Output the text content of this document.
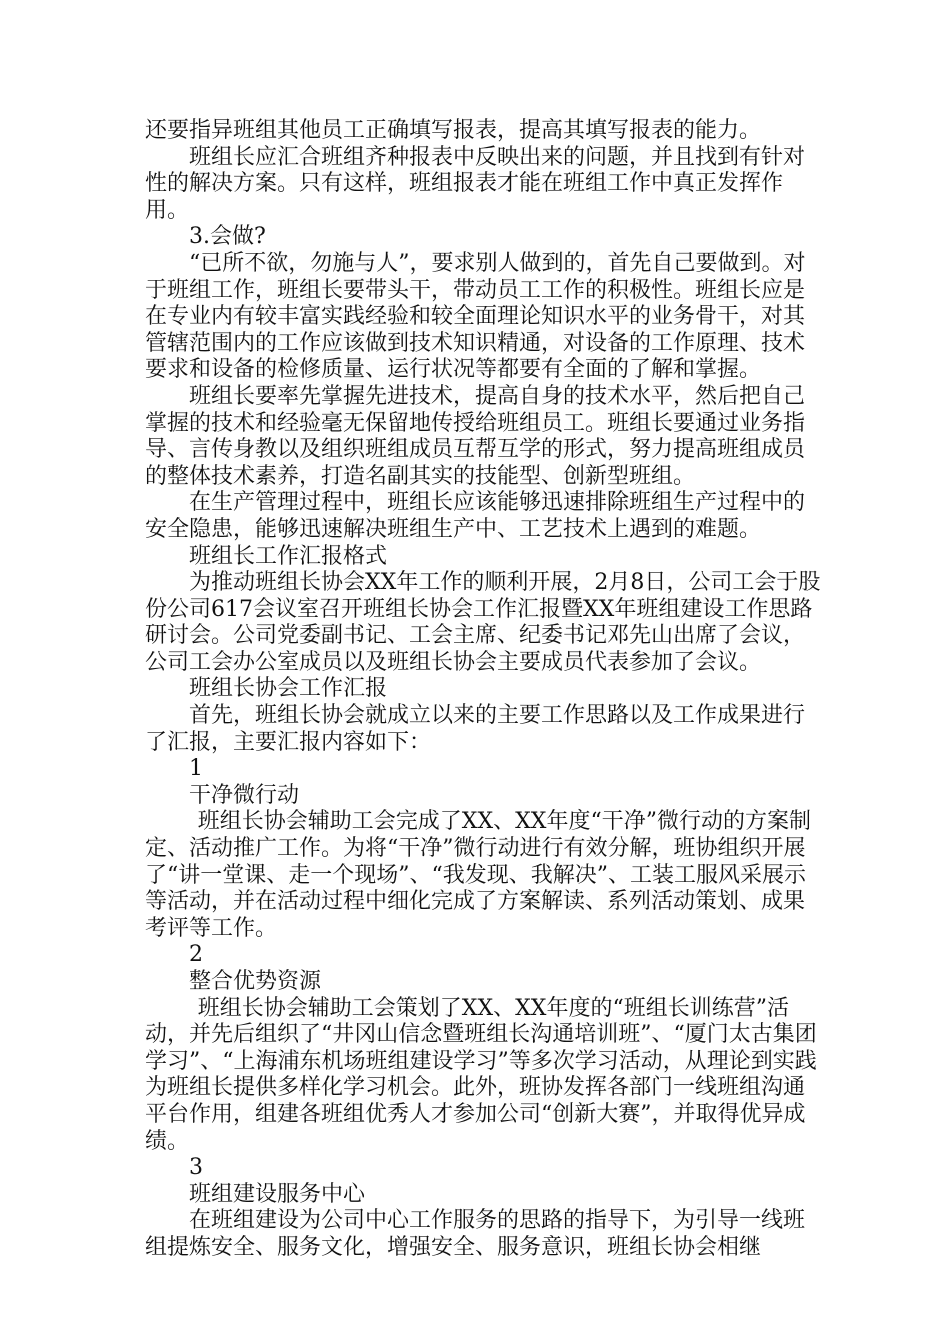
还要指异班组其他员工正确填写报表，提高其填写报表的能力。

班组长应汇合班组齐种报表中反映出来的问题，并且找到有针对性的解决方案。只有这样，班组报表才能在班组工作中真正发挥作用。

3.会做?

“已所不欲，勿施与人”，要求别人做到的，首先自己要做到。对于班组工作，班组长要带头干，带动员工工作的积极性。班组长应是在专业内有较丰富实践经验和较全面理论知识水平的业务骨干，对其管辖范围内的工作应该做到技术知识精通，对设备的工作原理、技术要求和设备的检修质量、运行状况等都要有全面的了解和掌握。

班组长要率先掌握先进技术，提高自身的技术水平，然后把自己掌握的技术和经验毫无保留地传授给班组员工。班组长要通过业务指导、言传身教以及组织班组成员互帮互学的形式，努力提高班组成员的整体技术素养，打造名副其实的技能型、创新型班组。

在生产管理过程中，班组长应该能够迅速排除班组生产过程中的安全隐患，能够迅速解决班组生产中、工艺技术上遇到的难题。

班组长工作汇报格式

为推动班组长协会XX年工作的顺利开展，2月8日，公司工会于股份公司617会议室召开班组长协会工作汇报暨XX年班组建设工作思路研讨会。公司党委副书记、工会主席、纪委书记邓先山出席了会议，公司工会办公室成员以及班组长协会主要成员代表参加了会议。

班组长协会工作汇报

首先，班组长协会就成立以来的主要工作思路以及工作成果进行了汇报，主要汇报内容如下：

1

干净微行动

班组长协会辅助工会完成了XX、XX年度“干净”微行动的方案制定、活动推广工作。为将“干净”微行动进行有效分解，班协组织开展了“讲一堂课、走一个现场”、“我发现、我解决”、工装工服风采展示等活动，并在活动过程中细化完成了方案解读、系列活动策划、成果考评等工作。

2

整合优势资源

班组长协会辅助工会策划了XX、XX年度的“班组长训练营”活动，并先后组织了“井冈山信念暨班组长沟通培训班”、“厦门太古集团学习”、“上海浦东机场班组建设学习”等多次学习活动，从理论到实践为班组长提供多样化学习机会。此外，班协发挥各部门一线班组沟通平台作用，组建各班组优秀人才参加公司“创新大赛”，并取得优异成绩。

3

班组建设服务中心

在班组建设为公司中心工作服务的思路的指导下，为引导一线班组提炼安全、服务文化，增强安全、服务意识，班组长协会相继
